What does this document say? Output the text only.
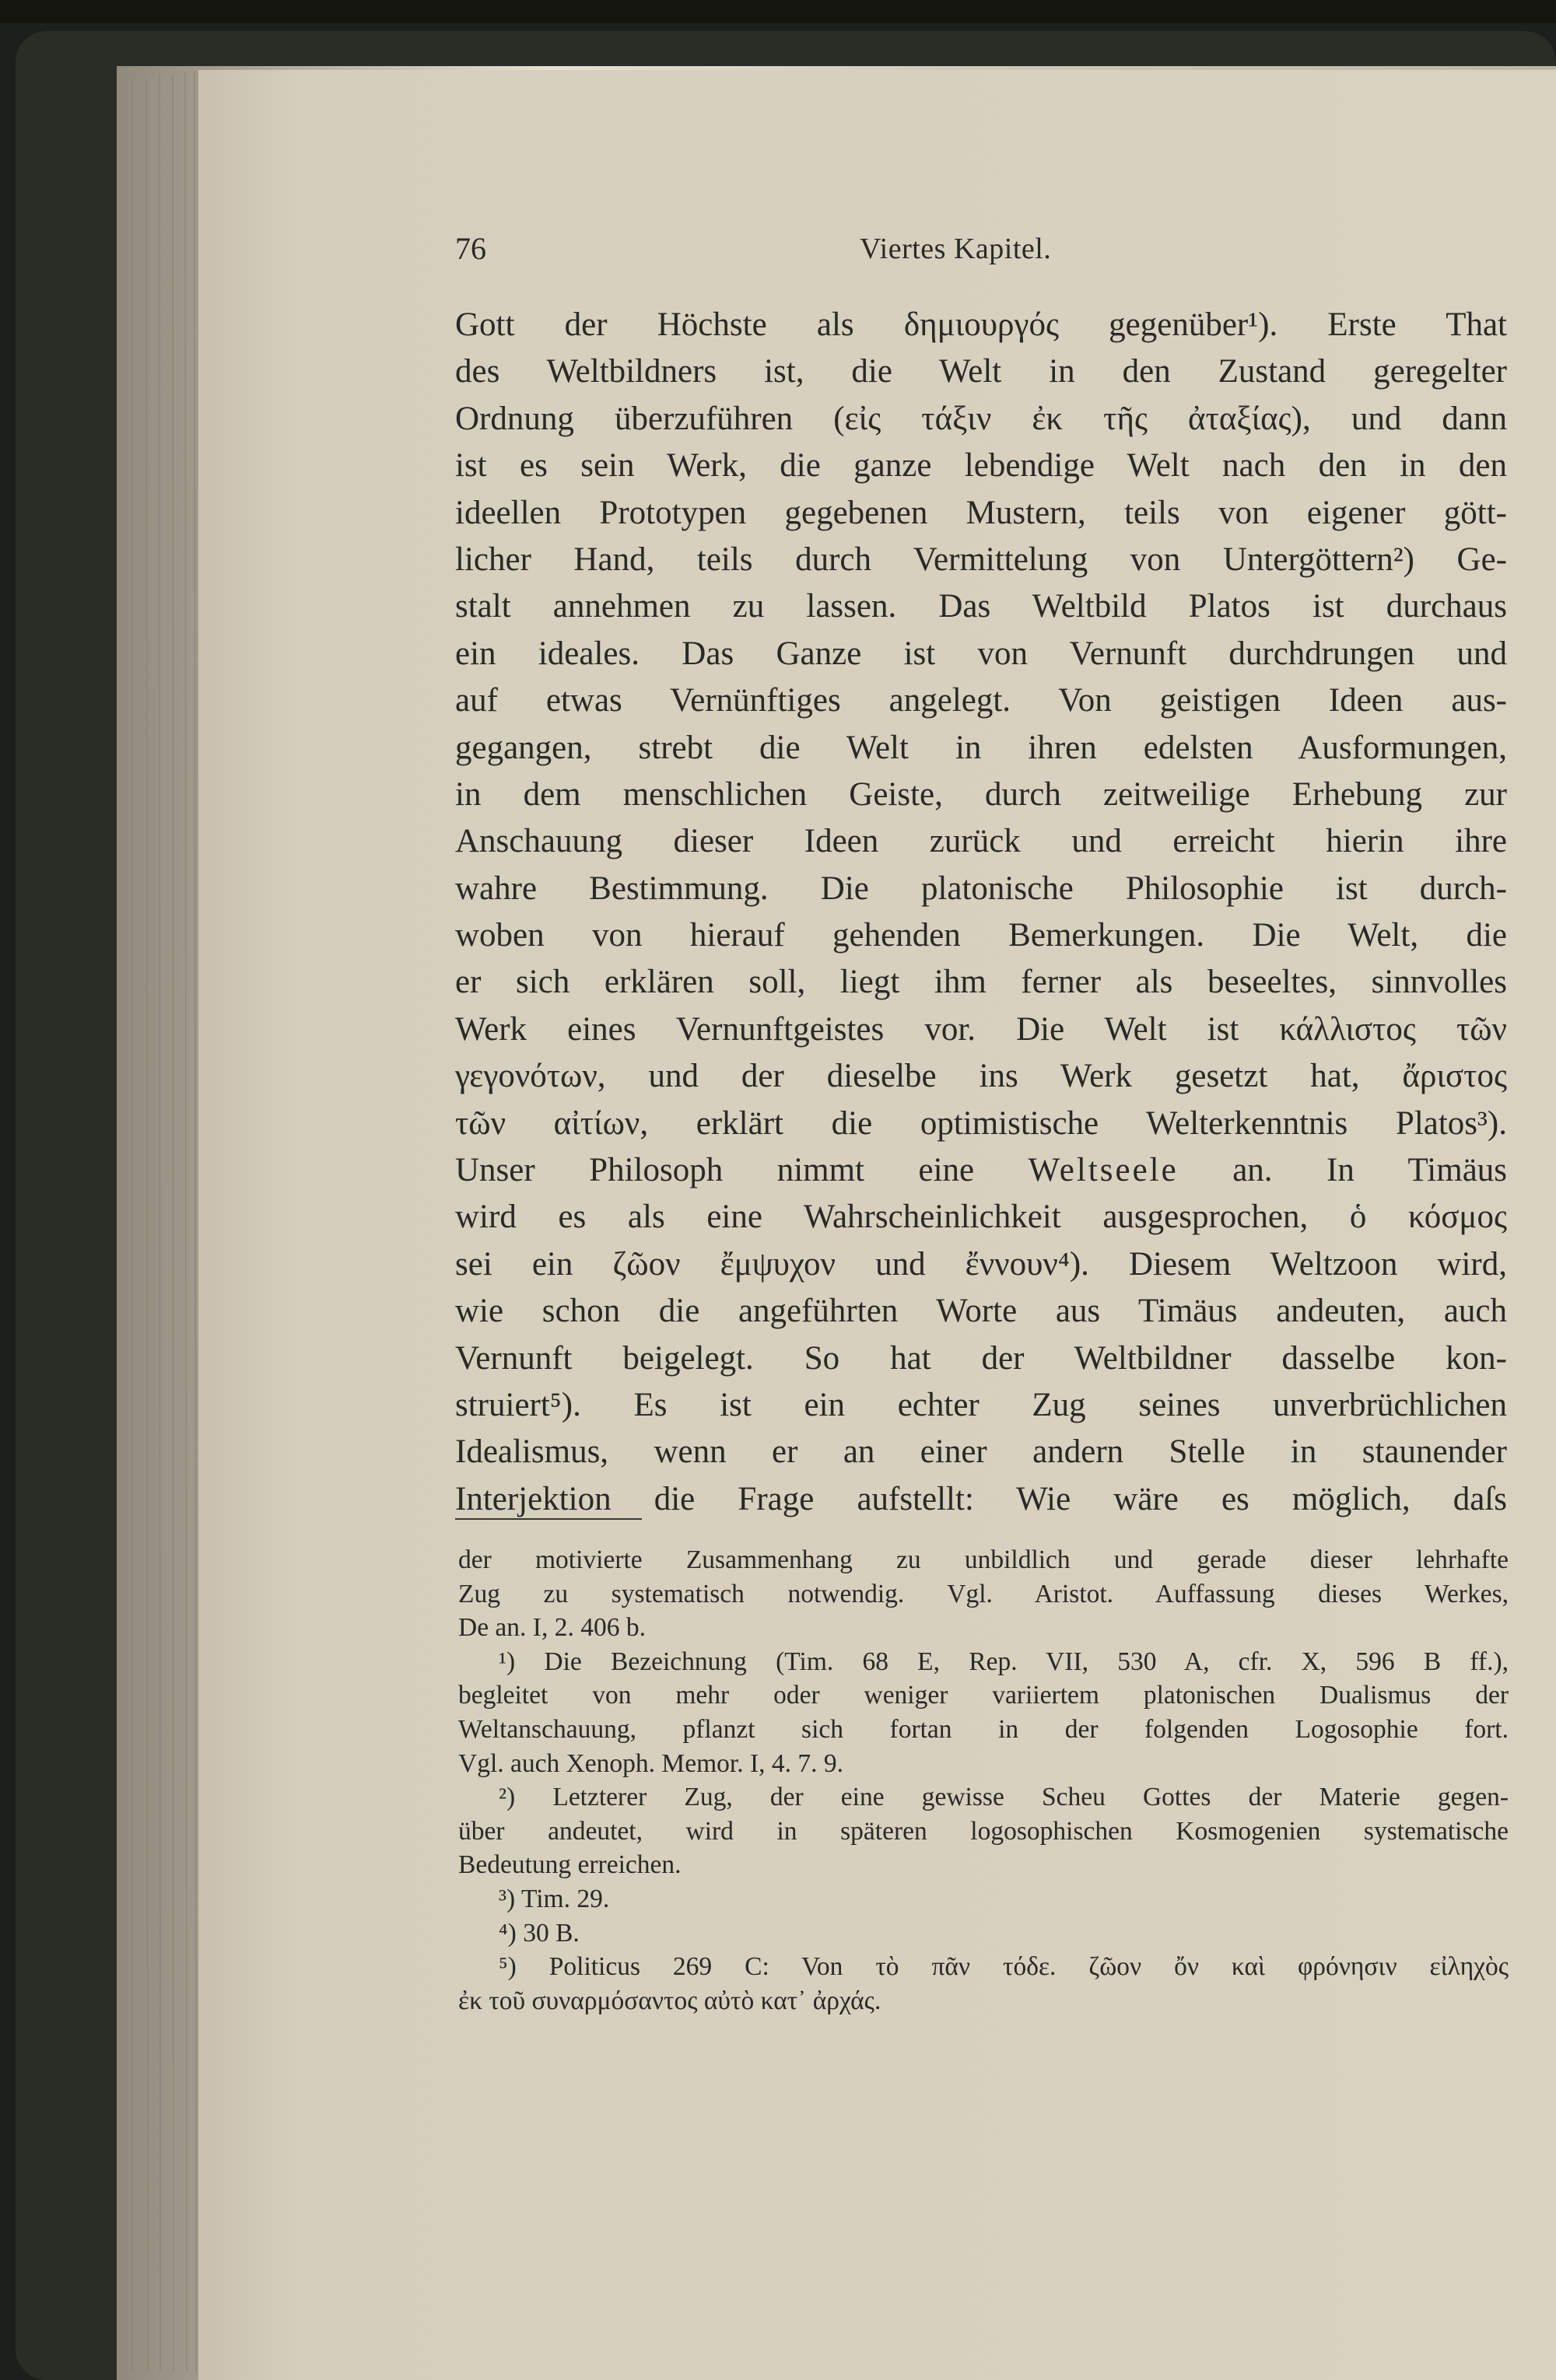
76	Viertes Kapitel.
Gott der Höchste als δημιουργός gegenüber¹). Erste That
des Weltbildners ist, die Welt in den Zustand geregelter
Ordnung überzuführen (εἰς τάξιν ἐκ τῆς ἀταξίας), und dann
ist es sein Werk, die ganze lebendige Welt nach den in den
ideellen Prototypen gegebenen Mustern, teils von eigener gött-
licher Hand, teils durch Vermittelung von Untergöttern²) Ge-
stalt annehmen zu lassen. Das Weltbild Platos ist durchaus
ein ideales. Das Ganze ist von Vernunft durchdrungen und
auf etwas Vernünftiges angelegt. Von geistigen Ideen aus-
gegangen, strebt die Welt in ihren edelsten Ausformungen,
in dem menschlichen Geiste, durch zeitweilige Erhebung zur
Anschauung dieser Ideen zurück und erreicht hierin ihre
wahre Bestimmung. Die platonische Philosophie ist durch-
woben von hierauf gehenden Bemerkungen. Die Welt, die
er sich erklären soll, liegt ihm ferner als beseeltes, sinnvolles
Werk eines Vernunftgeistes vor. Die Welt ist κάλλιστος τῶν
γεγονότων, und der dieselbe ins Werk gesetzt hat, ἄριστος
τῶν αἰτίων, erklärt die optimistische Welterkenntnis Platos³).
Unser Philosoph nimmt eine Weltseele an. In Timäus
wird es als eine Wahrscheinlichkeit ausgesprochen, ὁ κόσμος
sei ein ζῶον ἔμψυχον und ἔννουν⁴). Diesem Weltzoon wird,
wie schon die angeführten Worte aus Timäus andeuten, auch
Vernunft beigelegt. So hat der Weltbildner dasselbe kon-
struiert⁵). Es ist ein echter Zug seines unverbrüchlichen
Idealismus, wenn er an einer andern Stelle in staunender
Interjektion die Frage aufstellt: Wie wäre es möglich, daſs
der motivierte Zusammenhang zu unbildlich und gerade dieser lehrhafte
Zug zu systematisch notwendig. Vgl. Aristot. Auffassung dieses Werkes,
De an. I, 2. 406 b.
¹) Die Bezeichnung (Tim. 68 E, Rep. VII, 530 A, cfr. X, 596 B ff.),
begleitet von mehr oder weniger variiertem platonischen Dualismus der
Weltanschauung, pflanzt sich fortan in der folgenden Logosophie fort.
Vgl. auch Xenoph. Memor. I, 4. 7. 9.
²) Letzterer Zug, der eine gewisse Scheu Gottes der Materie gegen-
über andeutet, wird in späteren logosophischen Kosmogenien systematische
Bedeutung erreichen.
³) Tim. 29.
⁴) 30 B.
⁵) Politicus 269 C: Von τὸ πᾶν τόδε. ζῶον ὄν καὶ φρόνησιν εἰληχὸς
ἐκ τοῦ συναρμόσαντος αὐτὸ κατ᾽ ἀρχάς.
